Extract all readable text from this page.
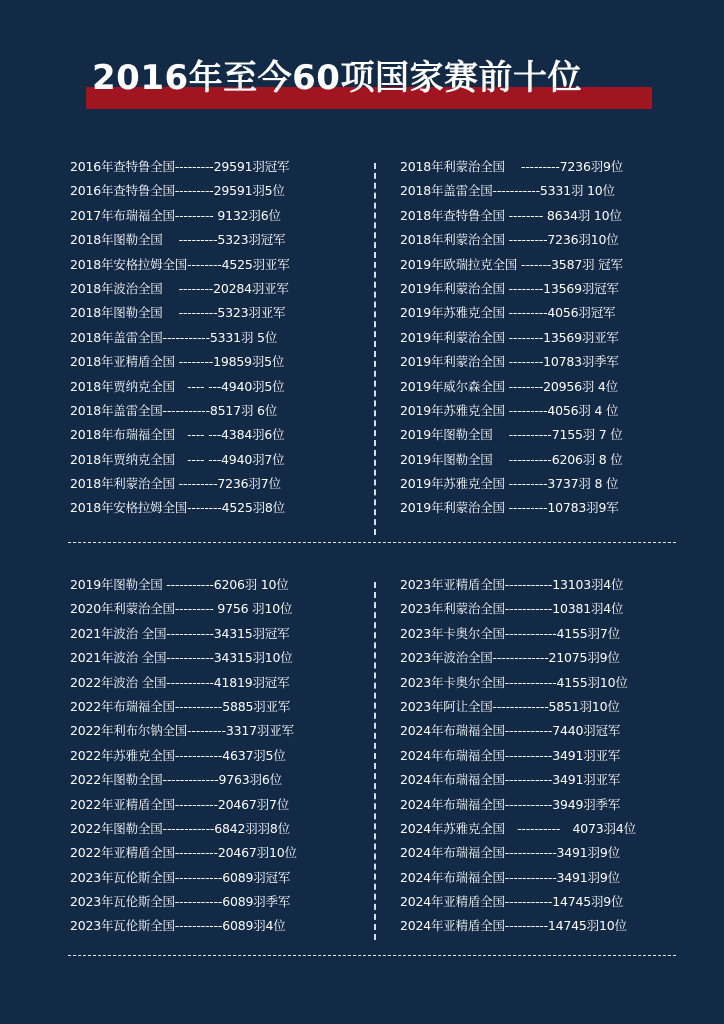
2016年至今60项国家赛前十位
2016年查特鲁全国---------29591羽冠军
2016年查特鲁全国---------29591羽5位
2017年布瑞福全国--------- 9132羽6位
2018年图勒全国　 ---------5323羽冠军
2018年安格拉姆全国--------4525羽亚军
2018年波治全国　 --------20284羽亚军
2018年图勒全国　 ---------5323羽亚军
2018年盖雷全国-----------5331羽 5位
2018年亚精盾全国 --------19859羽5位
2018年贾纳克全国　---- ---4940羽5位
2018年盖雷全国-----------8517羽 6位
2018年布瑞福全国　---- ---4384羽6位
2018年贾纳克全国　---- ---4940羽7位
2018年利蒙治全国 ---------7236羽7位
2018年安格拉姆全国--------4525羽8位
2018年利蒙治全国　 ---------7236羽9位
2018年盖雷全国-----------5331羽 10位
2018年查特鲁全国 -------- 8634羽 10位
2018年利蒙治全国 ---------7236羽10位
2019年欧瑞拉克全国 -------3587羽 冠军
2019年利蒙治全国 --------13569羽冠军
2019年苏雅克全国 ---------4056羽冠军
2019年利蒙治全国 --------13569羽亚军
2019年利蒙治全国 --------10783羽季军
2019年威尔森全国 --------20956羽 4位
2019年苏雅克全国 ---------4056羽 4 位
2019年图勒全国　 ----------7155羽 7 位
2019年图勒全国　 ----------6206羽 8 位
2019年苏雅克全国 ---------3737羽 8 位
2019年利蒙治全国 ---------10783羽9军
2019年图勒全国 -----------6206羽 10位
2020年利蒙治全国--------- 9756 羽10位
2021年波治 全国-----------34315羽冠军
2021年波治 全国-----------34315羽10位
2022年波治 全国-----------41819羽冠军
2022年布瑞福全国-----------5885羽亚军
2022年利布尔钠全国---------3317羽亚军
2022年苏雅克全国-----------4637羽5位
2022年图勒全国-------------9763羽6位
2022年亚精盾全国----------20467羽7位
2022年图勒全国------------6842羽羽8位
2022年亚精盾全国----------20467羽10位
2023年瓦伦斯全国-----------6089羽冠军
2023年瓦伦斯全国-----------6089羽季军
2023年瓦伦斯全国-----------6089羽4位
2023年亚精盾全国-----------13103羽4位
2023年利蒙治全国-----------10381羽4位
2023年卡奥尔全国------------4155羽7位
2023年波治全国-------------21075羽9位
2023年卡奥尔全国------------4155羽10位
2023年阿让全国-------------5851羽10位
2024年布瑞福全国-----------7440羽冠军
2024年布瑞福全国-----------3491羽亚军
2024年布瑞福全国-----------3491羽亚军
2024年布瑞福全国-----------3949羽季军
2024年苏雅克全国　----------　4073羽4位
2024年布瑞福全国------------3491羽9位
2024年布瑞福全国------------3491羽9位
2024年亚精盾全国-----------14745羽9位
2024年亚精盾全国----------14745羽10位
